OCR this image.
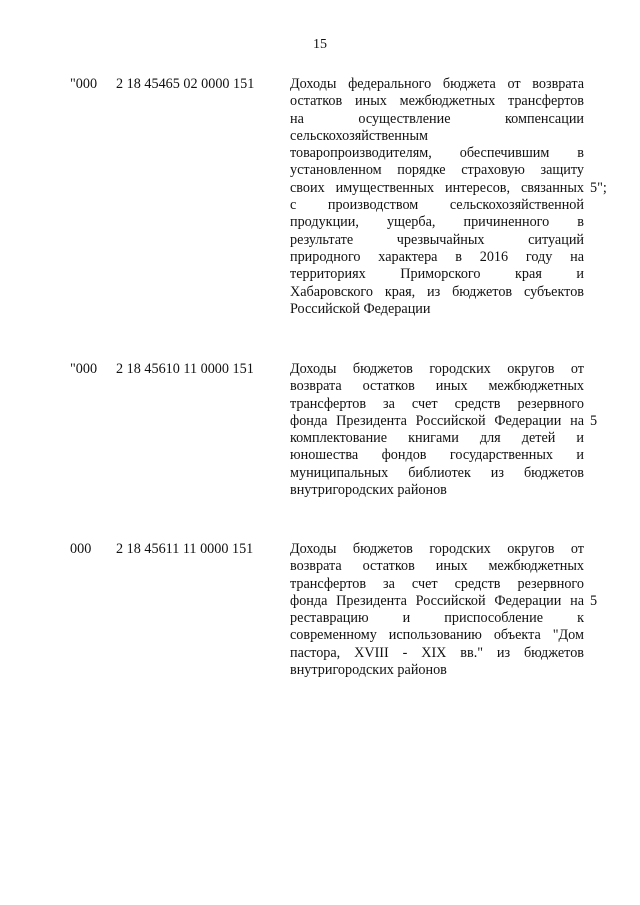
15
"000	2 18 45465 02 0000 151	Доходы федерального бюджета от возврата
остатков иных межбюджетных трансфертов
на осуществление компенсации
сельскохозяйственным
товаропроизводителям, обеспечившим в
установленном порядке страховую защиту
своих имущественных интересов, связанных
с производством сельскохозяйственной
продукции, ущерба, причиненного в
результате чрезвычайных ситуаций
природного характера в 2016 году на
территориях Приморского края и
Хабаровского края, из бюджетов субъектов
Российской Федерации
5";
"000	2 18 45610 11 0000 151	Доходы бюджетов городских округов от
возврата остатков иных межбюджетных
трансфертов за счет средств резервного
фонда Президента Российской Федерации на
комплектование книгами для детей и
юношества фондов государственных и
муниципальных библиотек из бюджетов
внутригородских районов
5
000	2 18 45611 11 0000 151	Доходы бюджетов городских округов от
возврата остатков иных межбюджетных
трансфертов за счет средств резервного
фонда Президента Российской Федерации на
реставрацию и приспособление к
современному использованию объекта "Дом
пастора, XVIII - XIX вв." из бюджетов
внутригородских районов
5
